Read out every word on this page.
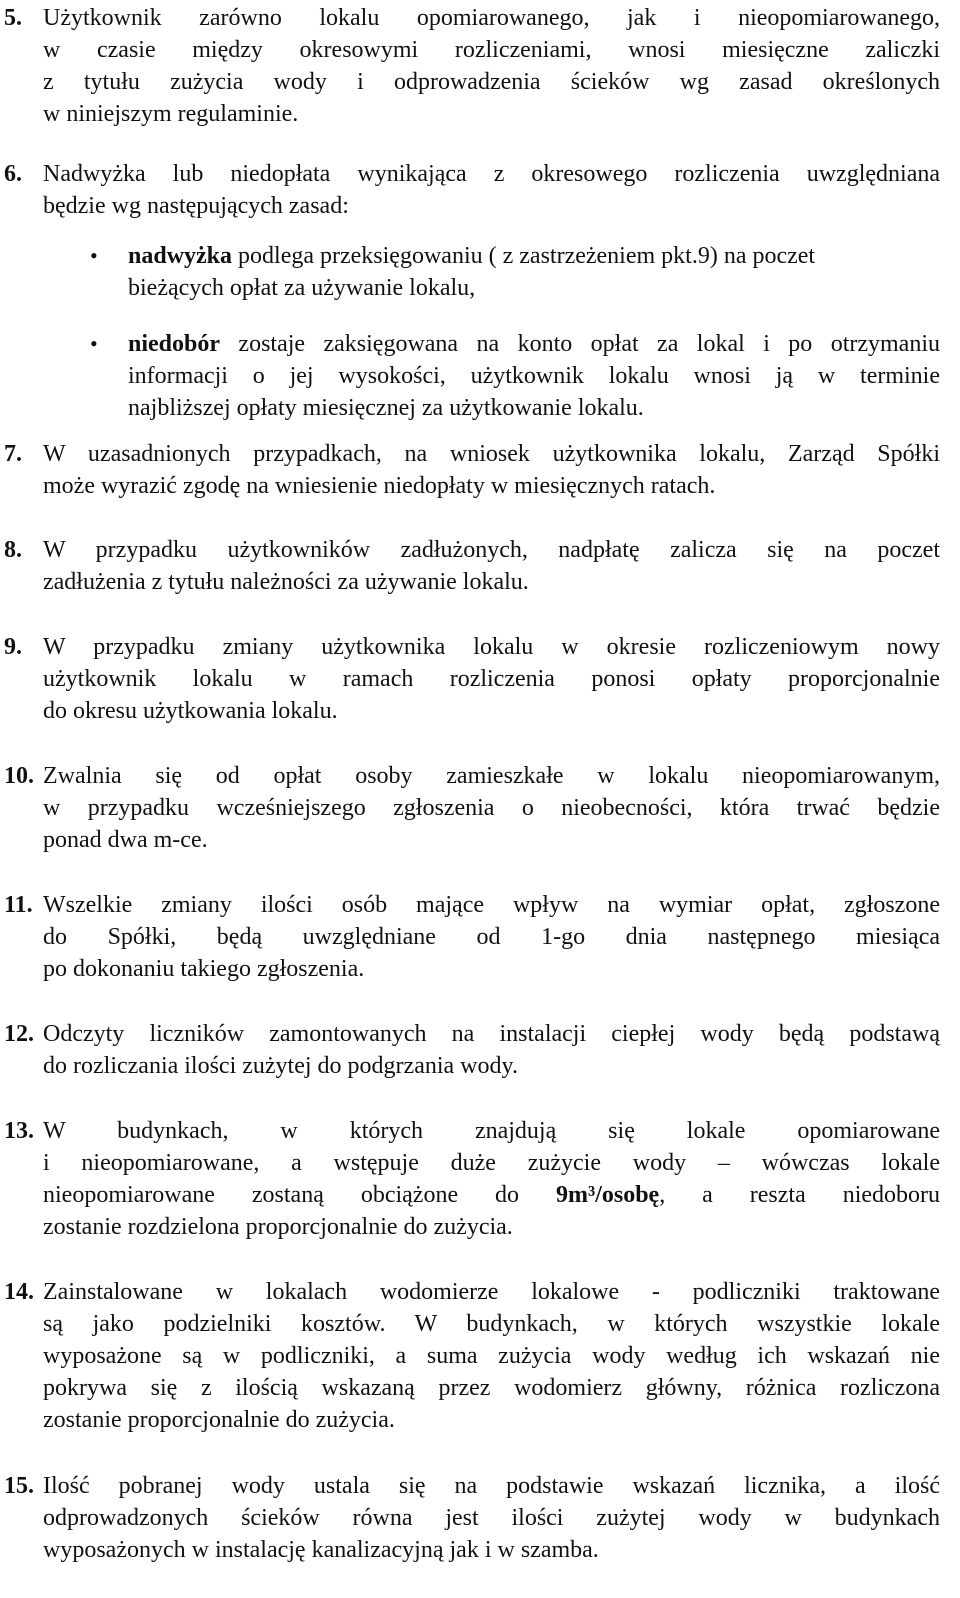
5. Użytkownik zarówno lokalu opomiarowanego, jak i nieopomiarowanego,
w czasie między okresowymi rozliczeniami, wnosi miesięczne zaliczki
z tytułu zużycia wody i odprowadzenia ścieków wg zasad określonych
w niniejszym regulaminie.
6. Nadwyżka lub niedopłata wynikająca z okresowego rozliczenia uwzględniana
będzie wg następujących zasad:
• nadwyżka podlega przeksięgowaniu ( z zastrzeżeniem pkt.9) na poczet
bieżących opłat za używanie lokalu,
• niedobór zostaje zaksięgowana na konto opłat za lokal i po otrzymaniu
informacji o jej wysokości, użytkownik lokalu wnosi ją w terminie
najbliższej opłaty miesięcznej za użytkowanie lokalu.
7. W uzasadnionych przypadkach, na wniosek użytkownika lokalu, Zarząd Spółki
może wyrazić zgodę na wniesienie niedopłaty w miesięcznych ratach.
8. W przypadku użytkowników zadłużonych, nadpłatę zalicza się na poczet
zadłużenia z tytułu należności za używanie lokalu.
9. W przypadku zmiany użytkownika lokalu w okresie rozliczeniowym nowy
użytkownik lokalu w ramach rozliczenia ponosi opłaty proporcjonalnie
do okresu użytkowania lokalu.
10. Zwalnia się od opłat osoby zamieszkałe w lokalu nieopomiarowanym,
w przypadku wcześniejszego zgłoszenia o nieobecności, która trwać będzie
ponad dwa m-ce.
11. Wszelkie zmiany ilości osób mające wpływ na wymiar opłat, zgłoszone
do Spółki, będą uwzględniane od 1-go dnia następnego miesiąca
po dokonaniu takiego zgłoszenia.
12. Odczyty liczników zamontowanych na instalacji ciepłej wody będą podstawą
do rozliczania ilości zużytej do podgrzania wody.
13. W budynkach, w których znajdują się lokale opomiarowane
i nieopomiarowane, a wstępuje duże zużycie wody – wówczas lokale
nieopomiarowane zostaną obciążone do 9m³/osobę, a reszta niedoboru
zostanie rozdzielona proporcjonalnie do zużycia.
14. Zainstalowane w lokalach wodomierze lokalowe - podliczniki traktowane
są jako podzielniki kosztów. W budynkach, w których wszystkie lokale
wyposażone są w podliczniki, a suma zużycia wody według ich wskazań nie
pokrywa się z ilością wskazaną przez wodomierz główny, różnica rozliczona
zostanie proporcjonalnie do zużycia.
15. Ilość pobranej wody ustala się na podstawie wskazań licznika, a ilość
odprowadzonych ścieków równa jest ilości zużytej wody w budynkach
wyposażonych w instalację kanalizacyjną jak i w szamba.
